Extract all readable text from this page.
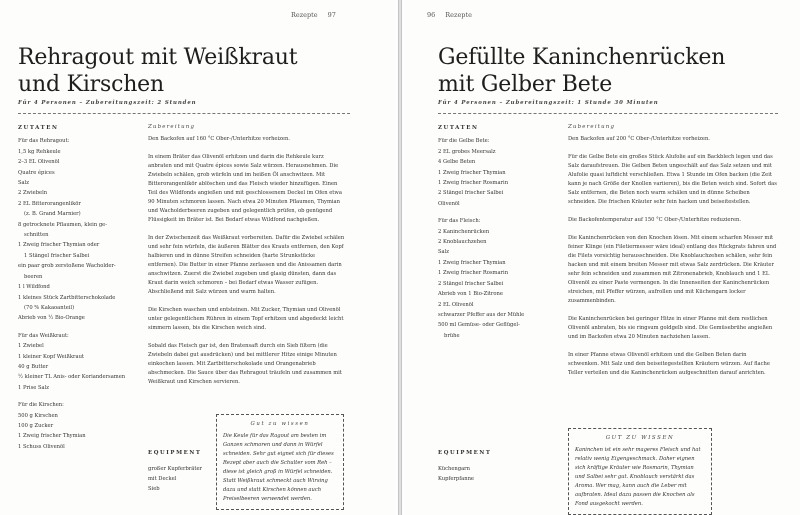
Rezepte 97
Rehragout mit Weißkraut und Kirschen
Für 4 Personen – Zubereitungszeit: 2 Stunden
ZUTATEN
Für das Rehragout:
1,5 kg Rehkeule
2–3 EL Olivenöl
Quatre épices
Salz
2 Zwiebeln
2 EL Bitterorangenlikör
(z. B. Grand Marnier)
8 getrocknete Pflaumen, klein ge-
schnitten
1 Zweig frischer Thymian oder
1 Stängel frischer Salbei
ein paar grob zerstoßene Wacholder-
beeren
1 l Wildfond
1 kleines Stück Zartbitterschokolade
(70 % Kakaoanteil)
Abrieb von ½ Bio-Orange
Für das Weißkraut:
1 Zwiebel
1 kleiner Kopf Weißkraut
40 g Butter
½ kleiner TL Anis- oder Koriandersamen
1 Prise Salz
Für die Kirschen:
500 g Kirschen
100 g Zucker
1 Zweig frischer Thymian
1 Schuss Olivenöl
Zubereitung

Den Backofen auf 160 °C Ober-/Unterhitze vorheizen.

In einem Bräter das Olivenöl erhitzen und darin die Rehkeule kurz anbraten und mit Quatre épices sowie Salz würzen. Herausnehmen. Die Zwiebeln schälen, grob würfeln und im heißen Öl anschwitzen. Mit Bitterorangenlikör ablöschen und das Fleisch wieder hinzufügen. Einen Teil des Wildfonds angießen und mit geschlossenem Deckel im Ofen etwa 90 Minuten schmoren lassen. Nach etwa 20 Minuten Pflaumen, Thymian und Wacholderbeeren zugeben und gelegentlich prüfen, ob genügend Flüssigkeit im Bräter ist. Bei Bedarf etwas Wildfond nachgießen.

In der Zwischenzeit das Weißkraut vorbereiten. Dafür die Zwiebel schälen und sehr fein würfeln, die äußeren Blätter des Krauts entfernen, den Kopf halbieren und in dünne Streifen schneiden (harte Strunkstücke entfernen). Die Butter in einer Pfanne zerlassen und die Anissamen darin anschwitzen. Zuerst die Zwiebel zugeben und glasig dünsten, dann das Kraut darin weich schmoren – bei Bedarf etwas Wasser zufügen. Abschließend mit Salz würzen und warm halten.

Die Kirschen waschen und entsteinen. Mit Zucker, Thymian und Olivenöl unter gelegentlichem Rühren in einem Topf erhitzen und abgedeckt leicht simmern lassen, bis die Kirschen weich sind.

Sobald das Fleisch gar ist, den Bratensaft durch ein Sieb filtern (die Zwiebeln dabei gut ausdrücken) und bei mittlerer Hitze einige Minuten einkochen lassen. Mit Zartbitterschokolade und Orangenabrieb abschmecken. Die Sauce über das Rehragout träufeln und zusammen mit Weißkraut und Kirschen servieren.

EQUIPMENT
großer Kupferbräter
mit Deckel
Sieb
Gut zu wissen
Die Keule für das Ragout am besten im Ganzen schmoren und dann in Würfel schneiden. Sehr gut eignet sich für dieses Rezept aber auch die Schulter vom Reh – diese ist gleich groß in Würfel schneiden. Statt Weißkraut schmeckt auch Wirsing dazu und statt Kirschen können auch Preiselbeeren verwendet werden.
96 Rezepte
Gefüllte Kaninchenrücken mit Gelber Bete
Für 4 Personen – Zubereitungszeit: 1 Stunde 30 Minuten
ZUTATEN
Für die Gelbe Bete:
2 EL grobes Meersalz
4 Gelbe Beten
1 Zweig frischer Thymian
1 Zweig frischer Rosmarin
2 Stängel frischer Salbei
Olivenöl
Für das Fleisch:
2 Kaninchenrücken
2 Knoblauchzehen
Salz
1 Zweig frischer Thymian
1 Zweig frischer Rosmarin
2 Stängel frischer Salbei
Abrieb von 1 Bio-Zitrone
2 EL Olivenöl
schwarzer Pfeffer aus der Mühle
500 ml Gemüse- oder Geflügel-
brühe
Zubereitung

Den Backofen auf 200 °C Ober-/Unterhitze vorheizen.

Für die Gelbe Bete ein großes Stück Alufolie auf ein Backblech legen und das Salz daraufstreuen. Die Gelben Beten ungeschält auf das Salz setzen und mit Alufolie quasi luftdicht verschließen. Etwa 1 Stunde im Ofen backen (die Zeit kann je nach Größe der Knollen variieren), bis die Beten weich sind. Sofort das Salz entfernen, die Beten noch warm schälen und in dünne Scheiben schneiden. Die frischen Kräuter sehr fein hacken und beiseitestellen.

Die Backofentemperatur auf 150 °C Ober-/Unterhitze reduzieren.

Die Kaninchenrücken von den Knochen lösen. Mit einem scharfen Messer mit feiner Klinge (ein Filetiermesser wäre ideal) entlang des Rückgrats fahren und die Filets vorsichtig herausschneiden. Die Knoblauchzehen schälen, sehr fein hacken und mit einem breiten Messer mit etwas Salz zerdrücken. Die Kräuter sehr fein schneiden und zusammen mit Zitronenabrieb, Knoblauch und 1 EL Olivenöl zu einer Paste vermengen. In die Innenseiten der Kaninchenrücken streichen, mit Pfeffer würzen, aufrollen und mit Küchengarn locker zusammenbinden.

Die Kaninchenrücken bei geringer Hitze in einer Pfanne mit dem restlichen Olivenöl anbraten, bis sie ringsum goldgelb sind. Die Gemüsebrühe angießen und im Backofen etwa 20 Minuten nachziehen lassen.

In einer Pfanne etwas Olivenöl erhitzen und die Gelben Beten darin schwenken. Mit Salz und den beiseitegestellten Kräutern würzen. Auf flache Teller verteilen und die Kaninchenrücken aufgeschnitten darauf anrichten.

EQUIPMENT
Küchengarn
Kupferpfanne
GUT ZU WISSEN
Kaninchen ist ein sehr mageres Fleisch und hat relativ wenig Eigengeschmack. Daher eignen sich kräftige Kräuter wie Rosmarin, Thymian und Salbei sehr gut. Knoblauch verstärkt das Aroma. Wer mag, kann auch die Leber mit aufbraten. Ideal dazu passen die Knochen als Fond ausgekocht werden.
